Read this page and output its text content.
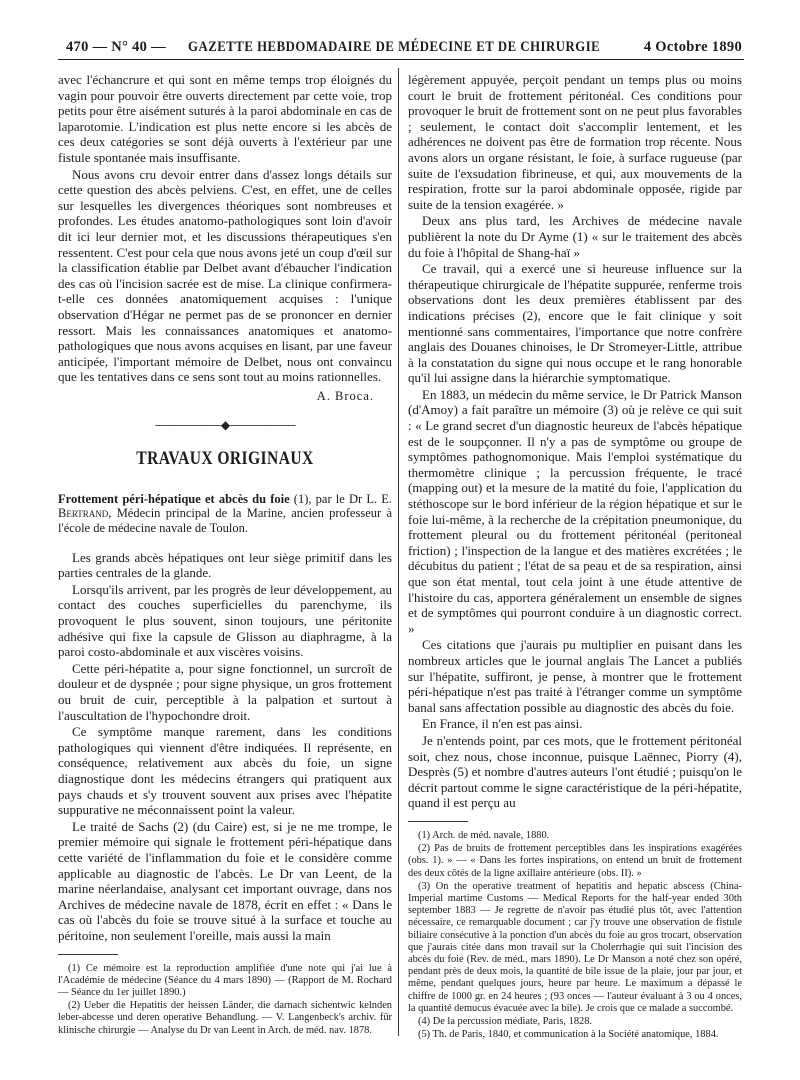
470 — N° 40 — GAZETTE HEBDOMADAIRE DE MÉDECINE ET DE CHIRURGIE	4 Octobre 1890

avec l'échancrure et qui sont en même temps trop éloignés du vagin pour pouvoir être ouverts directement par cette voie, trop petits pour être aisément suturés à la paroi abdominale en cas de laparotomie. L'indication est plus nette encore si les abcès de ces deux catégories se sont déjà ouverts à l'extérieur par une fistule spontanée mais insuffisante.

Nous avons cru devoir entrer dans d'assez longs détails sur cette question des abcès pelviens. C'est, en effet, une de celles sur lesquelles les divergences théoriques sont nombreuses et profondes. Les études anatomo-pathologiques sont loin d'avoir dit ici leur dernier mot, et les discussions thérapeutiques s'en ressentent. C'est pour cela que nous avons jeté un coup d'œil sur la classification établie par Delbet avant d'ébaucher l'indication des cas où l'incision sacrée est de mise. La clinique confirmera-t-elle ces données anatomiquement acquises : l'unique observation d'Hégar ne permet pas de se prononcer en dernier ressort. Mais les connaissances anatomiques et anatomo-pathologiques que nous avons acquises en lisant, par une faveur anticipée, l'important mémoire de Delbet, nous ont convaincu que les tentatives dans ce sens sont tout au moins rationnelles.

A. Broca.
——————◆——————
TRAVAUX ORIGINAUX
Frottement péri-hépatique et abcès du foie (1), par le Dr L. E. Bertrand, Médecin principal de la Marine, ancien professeur à l'école de médecine navale de Toulon.

Les grands abcès hépatiques ont leur siège primitif dans les parties centrales de la glande.

Lorsqu'ils arrivent, par les progrès de leur développement, au contact des couches superficielles du parenchyme, ils provoquent le plus souvent, sinon toujours, une péritonite adhésive qui fixe la capsule de Glisson au diaphragme, à la paroi costo-abdominale et aux viscères voisins.

Cette péri-hépatite a, pour signe fonctionnel, un surcroît de douleur et de dyspnée ; pour signe physique, un gros frottement ou bruit de cuir, perceptible à la palpation et surtout à l'auscultation de l'hypochondre droit.

Ce symptôme manque rarement, dans les conditions pathologiques qui viennent d'être indiquées. Il représente, en conséquence, relativement aux abcès du foie, un signe diagnostique dont les médecins étrangers qui pratiquent aux pays chauds et s'y trouvent souvent aux prises avec l'hépatite suppurative ne méconnaissent point la valeur.

Le traité de Sachs (2) (du Caire) est, si je ne me trompe, le premier mémoire qui signale le frottement péri-hépatique dans cette variété de l'inflammation du foie et le considère comme applicable au diagnostic de l'abcès. Le Dr van Leent, de la marine néerlandaise, analysant cet important ouvrage, dans nos Archives de médecine navale de 1878, écrit en effet : « Dans le cas où l'abcès du foie se trouve situé à la surface et touche au péritoine, non seulement l'oreille, mais aussi la main

(1) Ce mémoire est la reproduction amplifiée d'une note qui j'ai lue à l'Académie de médecine (Séance du 4 mars 1890) — (Rapport de M. Rochard — Séance du 1er juillet 1890.)

(2) Ueber die Hepatitis der heissen Länder, die darnach sichentwic kelnden leber-abcesse und deren operative Behandlung. — V. Langenbeck's archiv. für klinische chirurgie — Analyse du Dr van Leent in Arch. de méd. nav. 1878.

légèrement appuyée, perçoit pendant un temps plus ou moins court le bruit de frottement péritonéal. Ces conditions pour provoquer le bruit de frottement sont on ne peut plus favorables ; seulement, le contact doit s'accomplir lentement, et les adhérences ne doivent pas être de formation trop récente. Nous avons alors un organe résistant, le foie, à surface rugueuse (par suite de l'exsudation fibrineuse, et qui, aux mouvements de la respiration, frotte sur la paroi abdominale opposée, rigide par suite de la tension exagérée. »

Deux ans plus tard, les Archives de médecine navale publièrent la note du Dr Ayme (1) « sur le traitement des abcès du foie à l'hôpital de Shang-haï »

Ce travail, qui a exercé une si heureuse influence sur la thérapeutique chirurgicale de l'hépatite suppurée, renferme trois observations dont les deux premières établissent par des indications précises (2), encore que le fait clinique y soit mentionné sans commentaires, l'importance que notre confrère anglais des Douanes chinoises, le Dr Stromeyer-Little, attribue à la constatation du signe qui nous occupe et le rang honorable qu'il lui assigne dans la hiérarchie symptomatique.

En 1883, un médecin du même service, le Dr Patrick Manson (d'Amoy) a fait paraître un mémoire (3) où je relève ce qui suit : « Le grand secret d'un diagnostic heureux de l'abcès hépatique est de le soupçonner. Il n'y a pas de symptôme ou groupe de symptômes pathognomonique. Mais l'emploi systématique du thermomètre clinique ; la percussion fréquente, le tracé (mapping out) et la mesure de la matité du foie, l'application du stéthoscope sur le bord inférieur de la région hépatique et sur le foie lui-même, à la recherche de la crépitation pneumonique, du frottement pleural ou du frottement péritonéal (peritoneal friction) ; l'inspection de la langue et des matières excrétées ; le décubitus du patient ; l'état de sa peau et de sa respiration, ainsi que son état mental, tout cela joint à une étude attentive de l'histoire du cas, apportera généralement un ensemble de signes et de symptômes qui pourront conduire à un diagnostic correct. »

Ces citations que j'aurais pu multiplier en puisant dans les nombreux articles que le journal anglais The Lancet a publiés sur l'hépatite, suffiront, je pense, à montrer que le frottement péri-hépatique n'est pas traité à l'étranger comme un symptôme banal sans affectation possible au diagnostic des abcès du foie.

En France, il n'en est pas ainsi.

Je n'entends point, par ces mots, que le frottement péritonéal soit, chez nous, chose inconnue, puisque Laënnec, Piorry (4), Desprès (5) et nombre d'autres auteurs l'ont étudié ; puisqu'on le décrit partout comme le signe caractéristique de la péri-hépatite, quand il est perçu au

(1) Arch. de méd. navale, 1880.

(2) Pas de bruits de frottement perceptibles dans les inspirations exagérées (obs. 1). » — « Dans les fortes inspirations, on entend un bruit de frottement des deux côtés de la ligne axillaire antérieure (obs. II). »

(3) On the operative treatment of hepatitis and hepatic abscess (China-Imperial martime Customs — Medical Reports for the half-year ended 30th september 1883 — Je regrette de n'avoir pas étudié plus tôt, avec l'attention nécessaire, ce remarquable document ; car j'y trouve une observation de fistule biliaire consécutive à la ponction d'un abcès du foie au gros trocart, observation que j'aurais citée dans mon travail sur la Cholerrhagie qui suit l'incision des abcès du foie (Rev. de méd., mars 1890). Le Dr Manson a noté chez son opéré, pendant près de deux mois, la quantité de bile issue de la plaie, jour par jour, et même, pendant quelques jours, heure par heure. Le maximum a dépassé le chiffre de 1000 gr. en 24 heures ; (93 onces — l'auteur évaluant à 3 ou 4 onces, la quantité demucus évacuée avec la bile). Je crois que ce malade a succombé.

(4) De la percussion médiate, Paris, 1828.

(5) Th. de Paris, 1840, et communication à la Société anatomique, 1884.
